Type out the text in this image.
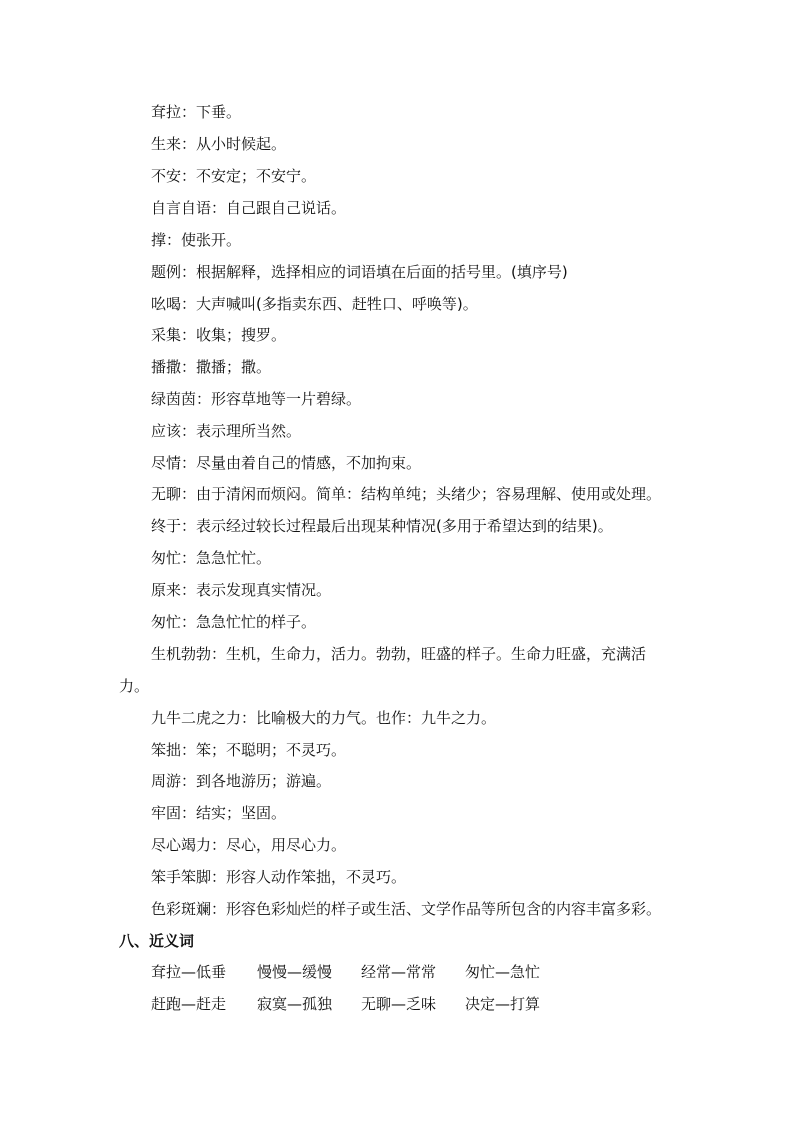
耷拉：下垂。
生来：从小时候起。
不安：不安定；不安宁。
自言自语：自己跟自己说话。
撑：使张开。
题例：根据解释，选择相应的词语填在后面的括号里。(填序号)
吆喝：大声喊叫(多指卖东西、赶牲口、呼唤等)。
采集：收集；搜罗。
播撒：撒播；撒。
绿茵茵：形容草地等一片碧绿。
应该：表示理所当然。
尽情：尽量由着自己的情感，不加拘束。
无聊：由于清闲而烦闷。简单：结构单纯；头绪少；容易理解、使用或处理。
终于：表示经过较长过程最后出现某种情况(多用于希望达到的结果)。
匆忙：急急忙忙。
原来：表示发现真实情况。
匆忙：急急忙忙的样子。
生机勃勃：生机，生命力，活力。勃勃，旺盛的样子。生命力旺盛，充满活
力。
九牛二虎之力：比喻极大的力气。也作：九牛之力。
笨拙：笨；不聪明；不灵巧。
周游：到各地游历；游遍。
牢固：结实；坚固。
尽心竭力：尽心，用尽心力。
笨手笨脚：形容人动作笨拙，不灵巧。
色彩斑斓：形容色彩灿烂的样子或生活、文学作品等所包含的内容丰富多彩。
八、近义词
耷拉—低垂 慢慢—缓慢 经常—常常 匆忙—急忙
赶跑—赶走 寂寞—孤独 无聊—乏味 决定—打算
